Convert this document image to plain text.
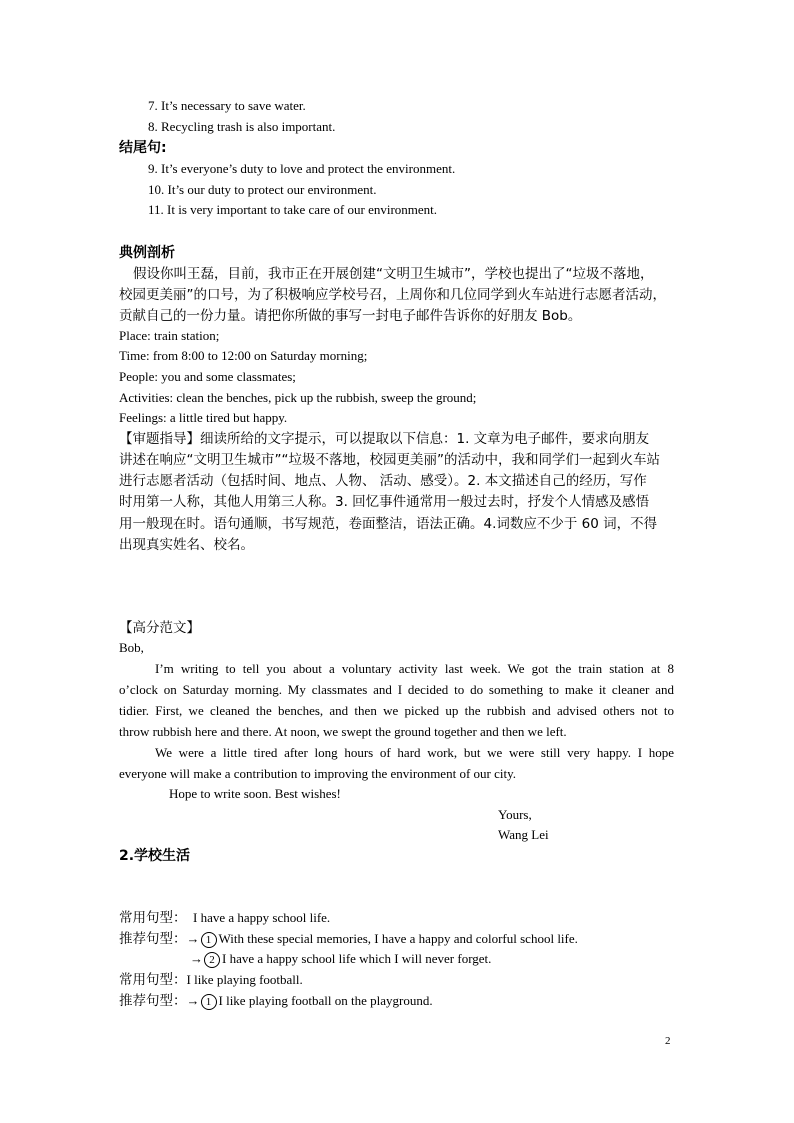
7. It’s necessary to save water.
8. Recycling trash is also important.
结尾句:
9. It’s everyone’s duty to love and protect the environment.
10. It’s our duty to protect our environment.
11. It is very important to take care of our environment.
典例剖析
假设你叫王磊，目前，我市正在开展创建“文明卫生城市”，学校也提出了“垃圾不落地，
校园更美丽”的口号，为了积极响应学校号召，上周你和几位同学到火车站进行志愿者活动，
贡献自己的一份力量。请把你所做的事写一封电子邮件告诉你的好朋友 Bob。
Place: train station;
Time: from 8:00 to 12:00 on Saturday morning;
People: you and some classmates;
Activities: clean the benches, pick up the rubbish, sweep the ground;
Feelings: a little tired but happy.
【审题指导】细读所给的文字提示，可以提取以下信息：1. 文章为电子邮件，要求向朋友
讲述在响应“文明卫生城市”“垃圾不落地，校园更美丽”的活动中，我和同学们一起到火车站
进行志愿者活动（包括时间、地点、人物、 活动、感受）。2. 本文描述自己的经历，写作
时用第一人称，其他人用第三人称。3. 回忆事件通常用一般过去时，抒发个人情感及感悟
用一般现在时。语句通顺，书写规范，卷面整洁，语法正确。4.词数应不少于 60 词，不得
出现真实姓名、校名。
【高分范文】
Bob,
I’m writing to tell you about a voluntary activity last week. We got the train station at 8
o’clock on Saturday morning. My classmates and I decided to do something to make it cleaner and
tidier. First, we cleaned the benches, and then we picked up the rubbish and advised others not to
throw rubbish here and there. At noon, we swept the ground together and then we left.
We were a little tired after long hours of hard work, but we were still very happy. I hope
everyone will make a contribution to improving the environment of our city.
Hope to write soon. Best wishes!
Yours,
Wang Lei
2.学校生活
常用句型： I have a happy school life.
推荐句型：→ 1 With these special memories, I have a happy and colorful school life.
→ 2 I have a happy school life which I will never forget.
常用句型：I like playing football.
推荐句型：→ 1 I like playing football on the playground.
2
